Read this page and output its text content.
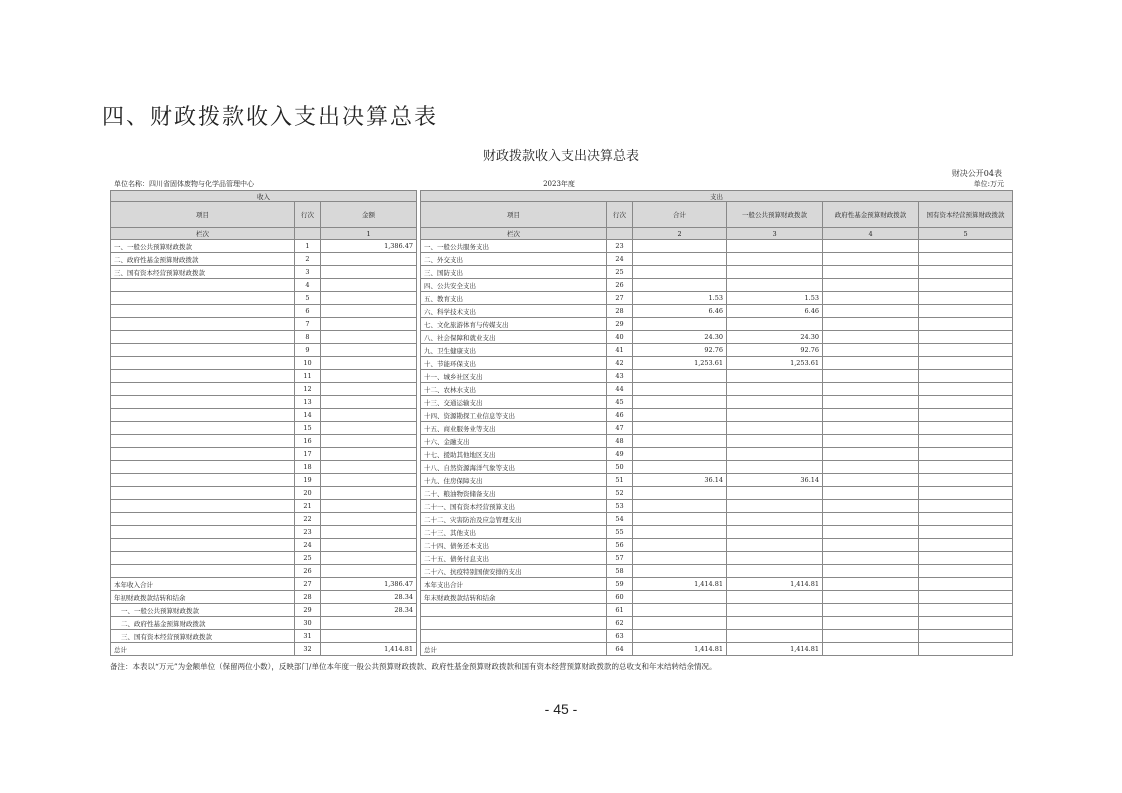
四、财政拨款收入支出决算总表
财政拨款收入支出决算总表
财决公开04表
单位名称：四川省固体废物与化学品管理中心	2023年度	单位:万元
收入				支出					
项目	行次	金额		项目	行次	合计	一般公共预算财政拨款	政府性基金预算财政拨款	国有资本经营预算财政拨款
栏次		1		栏次		2	3	4	5
一、一般公共预算财政拨款	1	1,386.47		一、一般公共服务支出	23				
二、政府性基金预算财政拨款	2			二、外交支出	24				
三、国有资本经营预算财政拨款	3			三、国防支出	25				
	4			四、公共安全支出	26				
	5			五、教育支出	27	1.53	1.53		
	6			六、科学技术支出	28	6.46	6.46		
	7			七、文化旅游体育与传媒支出	29				
	8			八、社会保障和就业支出	40	24.30	24.30		
	9			九、卫生健康支出	41	92.76	92.76		
	10			十、节能环保支出	42	1,253.61	1,253.61		
	11			十一、城乡社区支出	43				
	12			十二、农林水支出	44				
	13			十三、交通运输支出	45				
	14			十四、资源勘探工业信息等支出	46				
	15			十五、商业服务业等支出	47				
	16			十六、金融支出	48				
	17			十七、援助其他地区支出	49				
	18			十八、自然资源海洋气象等支出	50				
	19			十九、住房保障支出	51	36.14	36.14		
	20			二十、粮油物资储备支出	52				
	21			二十一、国有资本经营预算支出	53				
	22			二十二、灾害防治及应急管理支出	54				
	23			二十三、其他支出	55				
	24			二十四、债务还本支出	56				
	25			二十五、债务付息支出	57				
	26			二十六、抗疫特别国债安排的支出	58				
本年收入合计	27	1,386.47		本年支出合计	59	1,414.81	1,414.81		
年初财政拨款结转和结余	28	28.34		年末财政拨款结转和结余	60				
一、一般公共预算财政拨款	29	28.34			61				
二、政府性基金预算财政拨款	30				62				
三、国有资本经营预算财政拨款	31				63				
总计	32	1,414.81		总计	64	1,414.81	1,414.81		
备注：本表以“万元”为金额单位（保留两位小数），反映部门/单位本年度一般公共预算财政拨款、政府性基金预算财政拨款和国有资本经营预算财政拨款的总收支和年末结转结余情况。
- 45 -
